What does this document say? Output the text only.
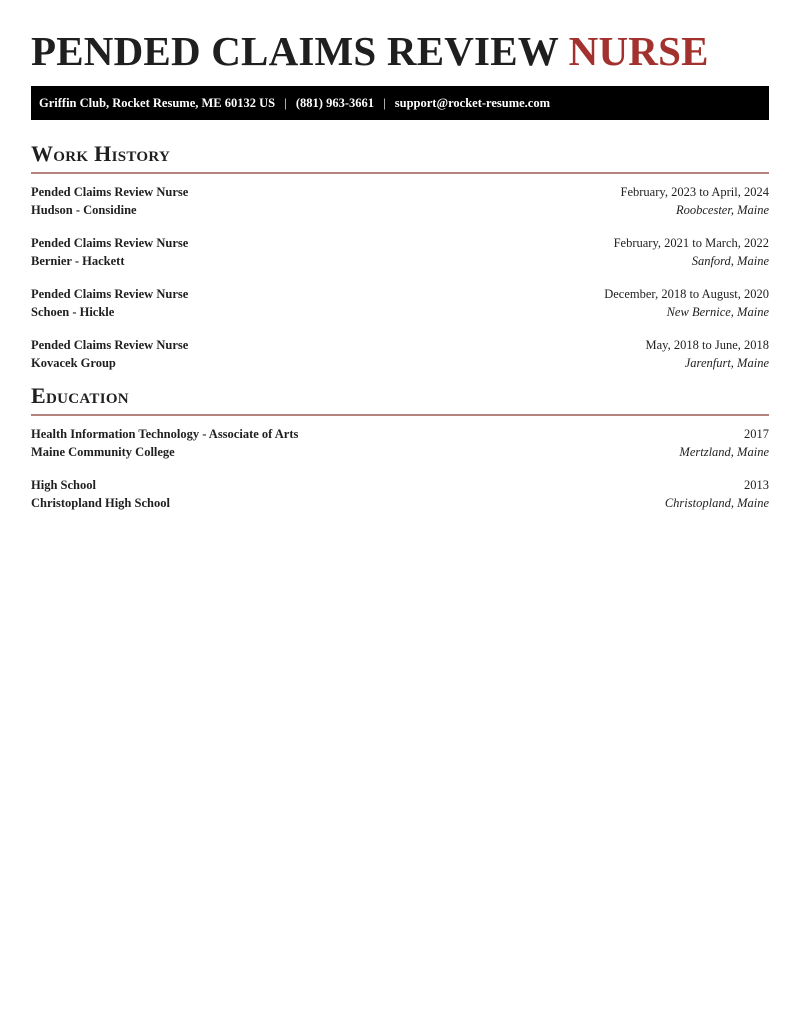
PENDED CLAIMS REVIEW NURSE
Griffin Club, Rocket Resume, ME 60132 US | (881) 963-3661 | support@rocket-resume.com
Work History
Pended Claims Review Nurse	February, 2023 to April, 2024
Hudson - Considine	Roobcester, Maine
Pended Claims Review Nurse	February, 2021 to March, 2022
Bernier - Hackett	Sanford, Maine
Pended Claims Review Nurse	December, 2018 to August, 2020
Schoen - Hickle	New Bernice, Maine
Pended Claims Review Nurse	May, 2018 to June, 2018
Kovacek Group	Jarenfurt, Maine
Education
Health Information Technology - Associate of Arts	2017
Maine Community College	Mertzland, Maine
High School	2013
Christopland High School	Christopland, Maine
